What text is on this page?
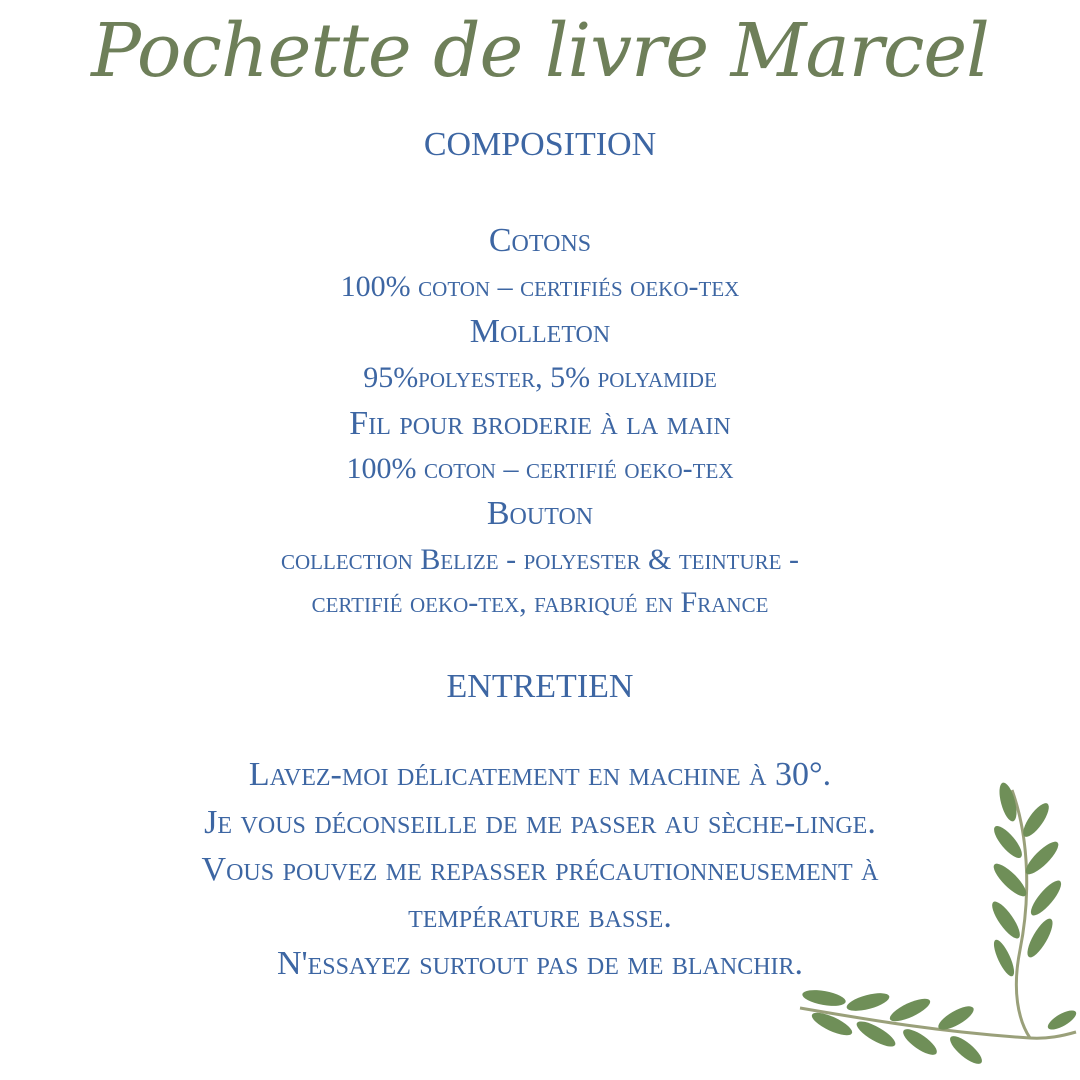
Pochette de livre Marcel
COMPOSITION
Cotons
100% coton – certifiés oeko-tex
Molleton
95%polyester, 5% polyamide
Fil pour broderie à la main
100% coton – certifié oeko-tex
Bouton
collection Belize - polyester & teinture -
certifié oeko-tex, fabriqué en France
ENTRETIEN
Lavez-moi délicatement en machine à 30°.
Je vous déconseille de me passer au sèche-linge.
Vous pouvez me repasser précautionneusement à
température basse.
N'essayez surtout pas de me blanchir.
